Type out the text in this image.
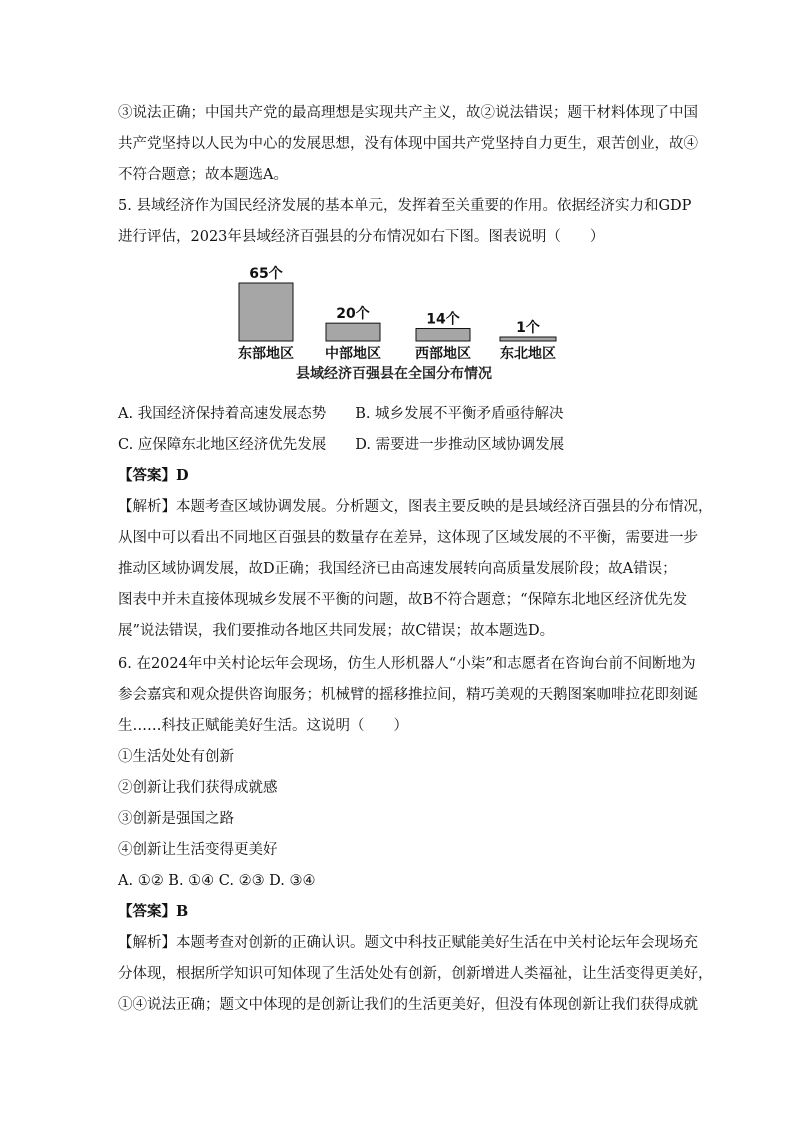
③说法正确；中国共产党的最高理想是实现共产主义，故②说法错误；题干材料体现了中国
共产党坚持以人民为中心的发展思想，没有体现中国共产党坚持自力更生，艰苦创业，故④
不符合题意；故本题选A。
5. 县域经济作为国民经济发展的基本单元，发挥着至关重要的作用。依据经济实力和GDP
进行评估，2023年县域经济百强县的分布情况如右下图。图表说明（　　）
65个
20个	14个
1个
东部地区 中部地区 西部地区 东北地区
县域经济百强县在全国分布情况
A. 我国经济保持着高速发展态势　　B. 城乡发展不平衡矛盾亟待解决
C. 应保障东北地区经济优先发展　　D. 需要进一步推动区域协调发展
【答案】D
【解析】本题考查区域协调发展。分析题文，图表主要反映的是县域经济百强县的分布情况，
从图中可以看出不同地区百强县的数量存在差异，这体现了区域发展的不平衡，需要进一步
推动区域协调发展，故D正确；我国经济已由高速发展转向高质量发展阶段；故A错误；
图表中并未直接体现城乡发展不平衡的问题，故B不符合题意；“保障东北地区经济优先发
展”说法错误，我们要推动各地区共同发展；故C错误；故本题选D。
6. 在2024年中关村论坛年会现场，仿生人形机器人“小柒”和志愿者在咨询台前不间断地为
参会嘉宾和观众提供咨询服务；机械臂的摇移推拉间，精巧美观的天鹅图案咖啡拉花即刻诞
生……科技正赋能美好生活。这说明（　　）
①生活处处有创新
②创新让我们获得成就感
③创新是强国之路
④创新让生活变得更美好
A. ①② B. ①④ C. ②③ D. ③④
【答案】B
【解析】本题考查对创新的正确认识。题文中科技正赋能美好生活在中关村论坛年会现场充
分体现，根据所学知识可知体现了生活处处有创新，创新增进人类福祉，让生活变得更美好，
①④说法正确；题文中体现的是创新让我们的生活更美好，但没有体现创新让我们获得成就
